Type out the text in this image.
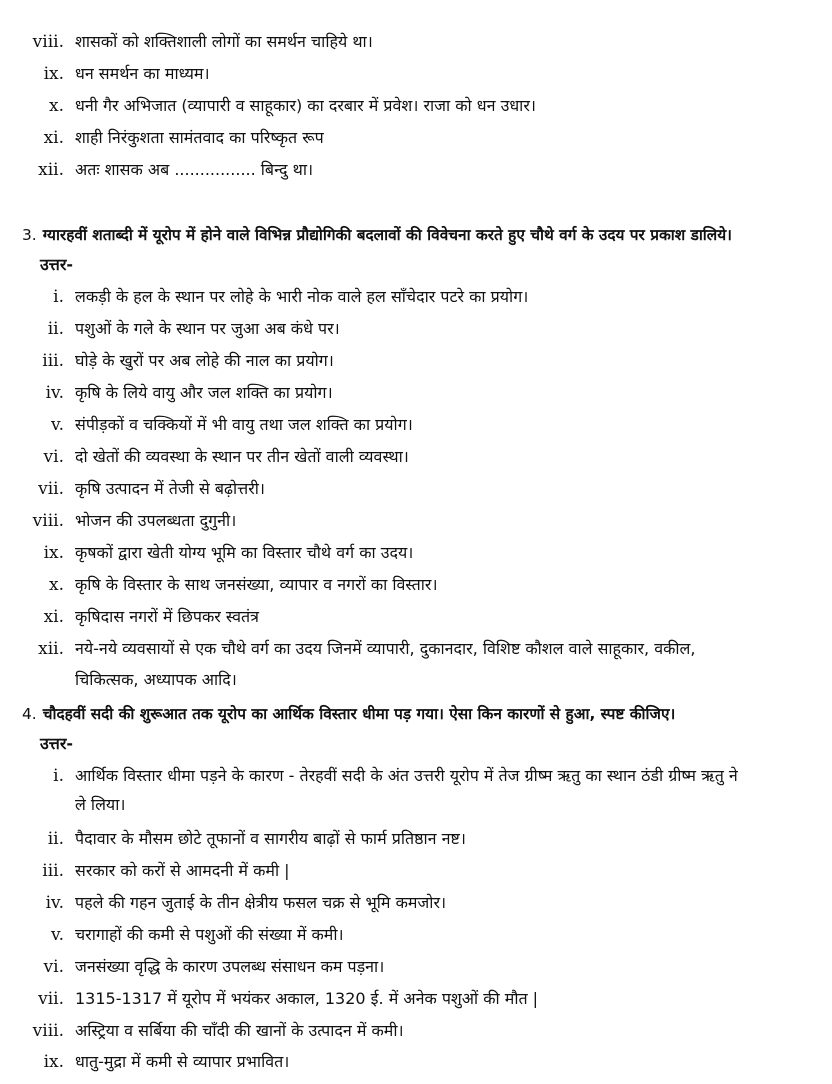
viii. शासकों को शक्तिशाली लोगों का समर्थन चाहिये था।
ix. धन समर्थन का माध्यम।
x. धनी गैर अभिजात (व्यापारी व साहूकार) का दरबार में प्रवेश। राजा को धन उधार।
xi. शाही निरंकुशता सामंतवाद का परिष्कृत रूप
xii. अतः शासक अब ................ बिन्दु था।
3. ग्यारहवीं शताब्दी में यूरोप में होने वाले विभिन्न प्रौद्योगिकी बदलावों की विवेचना करते हुए चौथे वर्ग के उदय पर प्रकाश डालिये।
उत्तर-
i. लकड़ी के हल के स्थान पर लोहे के भारी नोक वाले हल साँचेदार पटरे का प्रयोग।
ii. पशुओं के गले के स्थान पर जुआ अब कंधे पर।
iii. घोड़े के खुरों पर अब लोहे की नाल का प्रयोग।
iv. कृषि के लिये वायु और जल शक्ति का प्रयोग।
v. संपीड़कों व चक्कियों में भी वायु तथा जल शक्ति का प्रयोग।
vi. दो खेतों की व्यवस्था के स्थान पर तीन खेतों वाली व्यवस्था।
vii. कृषि उत्पादन में तेजी से बढ़ोत्तरी।
viii. भोजन की उपलब्धता दुगुनी।
ix. कृषकों द्वारा खेती योग्य भूमि का विस्तार चौथे वर्ग का उदय।
x. कृषि के विस्तार के साथ जनसंख्या, व्यापार व नगरों का विस्तार।
xi. कृषिदास नगरों में छिपकर स्वतंत्र
xii. नये-नये व्यवसायों से एक चौथे वर्ग का उदय जिनमें व्यापारी, दुकानदार, विशिष्ट कौशल वाले साहूकार, वकील,
चिकित्सक, अध्यापक आदि।
4. चौदहवीं सदी की शुरूआत तक यूरोप का आर्थिक विस्तार धीमा पड़ गया। ऐसा किन कारणों से हुआ, स्पष्ट कीजिए।
उत्तर-
i. आर्थिक विस्तार धीमा पड़ने के कारण - तेरहवीं सदी के अंत उत्तरी यूरोप में तेज ग्रीष्म ऋतु का स्थान ठंडी ग्रीष्म ऋतु ने
ले लिया।
ii. पैदावार के मौसम छोटे तूफानों व सागरीय बाढ़ों से फार्म प्रतिष्ठान नष्ट।
iii. सरकार को करों से आमदनी में कमी |
iv. पहले की गहन जुताई के तीन क्षेत्रीय फसल चक्र से भूमि कमजोर।
v. चरागाहों की कमी से पशुओं की संख्या में कमी।
vi. जनसंख्या वृद्धि के कारण उपलब्ध संसाधन कम पड़ना।
vii. 1315-1317 में यूरोप में भयंकर अकाल, 1320 ई. में अनेक पशुओं की मौत |
viii. अस्ट्रिया व सर्बिया की चाँदी की खानों के उत्पादन में कमी।
ix. धातु-मुद्रा में कमी से व्यापार प्रभावित।
